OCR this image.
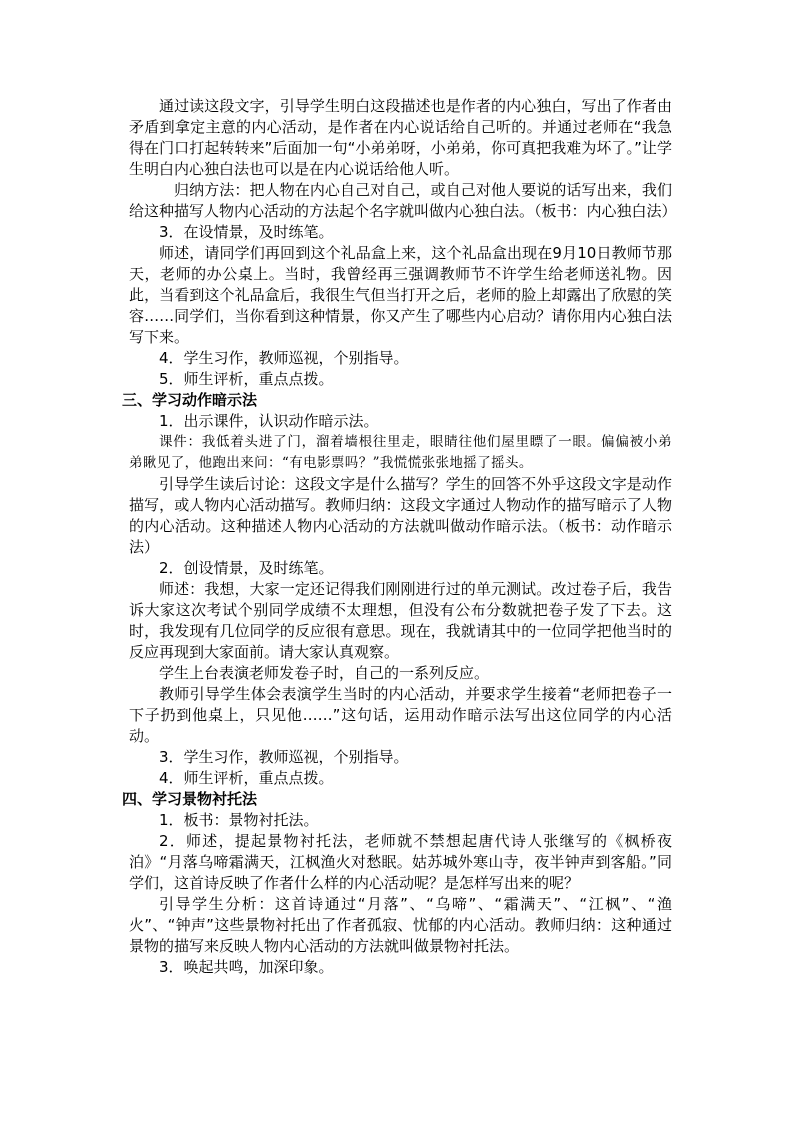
通过读这段文字，引导学生明白这段描述也是作者的内心独白，写出了作者由矛盾到拿定主意的内心活动，是作者在内心说话给自己听的。并通过老师在“我急得在门口打起转转来”后面加一句“小弟弟呀，小弟弟，你可真把我难为坏了。”让学生明白内心独白法也可以是在内心说话给他人听。

归纳方法：把人物在内心自己对自己，或自己对他人要说的话写出来，我们给这种描写人物内心活动的方法起个名字就叫做内心独白法。（板书：内心独白法）

3．在设情景，及时练笔。

师述，请同学们再回到这个礼品盒上来，这个礼品盒出现在9月10日教师节那天，老师的办公桌上。当时，我曾经再三强调教师节不许学生给老师送礼物。因此，当看到这个礼品盒后，我很生气但当打开之后，老师的脸上却露出了欣慰的笑容……同学们，当你看到这种情景，你又产生了哪些内心启动？请你用内心独白法写下来。

4．学生习作，教师巡视，个别指导。

5．师生评析，重点点拨。

三、学习动作暗示法

1．出示课件，认识动作暗示法。

课件：我低着头进了门，溜着墙根往里走，眼睛往他们屋里瞟了一眼。偏偏被小弟弟瞅见了，他跑出来问：“有电影票吗？”我慌慌张张地摇了摇头。

引导学生读后讨论：这段文字是什么描写？学生的回答不外乎这段文字是动作描写，或人物内心活动描写。教师归纳：这段文字通过人物动作的描写暗示了人物的内心活动。这种描述人物内心活动的方法就叫做动作暗示法。（板书：动作暗示法）

2．创设情景，及时练笔。

师述：我想，大家一定还记得我们刚刚进行过的单元测试。改过卷子后，我告诉大家这次考试个别同学成绩不太理想，但没有公布分数就把卷子发了下去。这时，我发现有几位同学的反应很有意思。现在，我就请其中的一位同学把他当时的反应再现到大家面前。请大家认真观察。

学生上台表演老师发卷子时，自己的一系列反应。

教师引导学生体会表演学生当时的内心活动，并要求学生接着“老师把卷子一下子扔到他桌上，只见他……”这句话，运用动作暗示法写出这位同学的内心活动。

3．学生习作，教师巡视，个别指导。

4．师生评析，重点点拨。

四、学习景物衬托法

1．板书：景物衬托法。

2．师述，提起景物衬托法，老师就不禁想起唐代诗人张继写的《枫桥夜泊》“月落乌啼霜满天，江枫渔火对愁眠。姑苏城外寒山寺，夜半钟声到客船。”同学们，这首诗反映了作者什么样的内心活动呢？是怎样写出来的呢？

引导学生分析：这首诗通过“月落”、“乌啼”、“霜满天”、“江枫”、“渔火”、“钟声”这些景物衬托出了作者孤寂、忧郁的内心活动。教师归纳：这种通过景物的描写来反映人物内心活动的方法就叫做景物衬托法。

3．唤起共鸣，加深印象。
